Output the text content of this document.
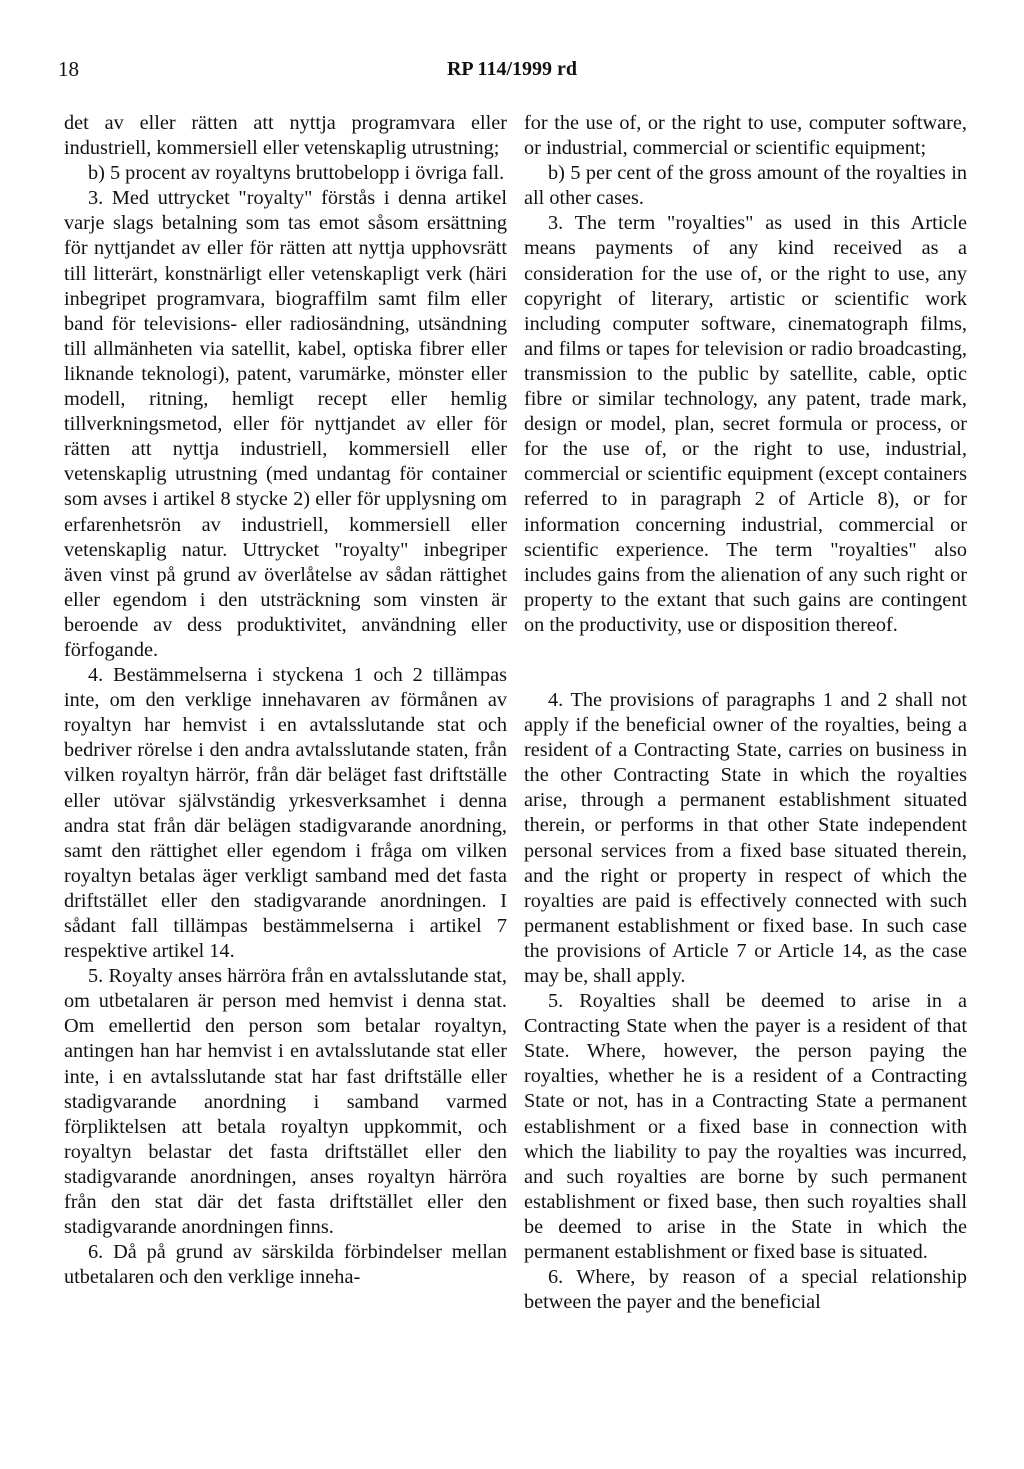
18	RP 114/1999 rd

det av eller rätten att nyttja programvara eller industriell, kommersiell eller vetenskaplig utrustning;

b) 5 procent av royaltyns bruttobelopp i övriga fall.

3. Med uttrycket "royalty" förstås i denna artikel varje slags betalning som tas emot såsom ersättning för nyttjandet av eller för rätten att nyttja upphovsrätt till litterärt, konstnärligt eller vetenskapligt verk (häri inbegripet programvara, biograffilm samt film eller band för televisions- eller radiosändning, utsändning till allmänheten via satellit, kabel, optiska fibrer eller liknande teknologi), patent, varumärke, mönster eller modell, ritning, hemligt recept eller hemlig tillverkningsmetod, eller för nyttjandet av eller för rätten att nyttja industriell, kommersiell eller vetenskaplig utrustning (med undantag för container som avses i artikel 8 stycke 2) eller för upplysning om erfarenhetsrön av industriell, kommersiell eller vetenskaplig natur. Uttrycket "royalty" inbegriper även vinst på grund av överlåtelse av sådan rättighet eller egendom i den utsträckning som vinsten är beroende av dess produktivitet, användning eller förfogande.

4. Bestämmelserna i styckena 1 och 2 tillämpas inte, om den verklige innehavaren av förmånen av royaltyn har hemvist i en avtalsslutande stat och bedriver rörelse i den andra avtalsslutande staten, från vilken royaltyn härrör, från där beläget fast driftställe eller utövar självständig yrkesverksamhet i denna andra stat från där belägen stadigvarande anordning, samt den rättighet eller egendom i fråga om vilken royaltyn betalas äger verkligt samband med det fasta driftstället eller den stadigvarande anordningen. I sådant fall tillämpas bestämmelserna i artikel 7 respektive artikel 14.

5. Royalty anses härröra från en avtalsslutande stat, om utbetalaren är person med hemvist i denna stat. Om emellertid den person som betalar royaltyn, antingen han har hemvist i en avtalsslutande stat eller inte, i en avtalsslutande stat har fast driftställe eller stadigvarande anordning i samband varmed förpliktelsen att betala royaltyn uppkommit, och royaltyn belastar det fasta driftstället eller den stadigvarande anordningen, anses royaltyn härröra från den stat där det fasta driftstället eller den stadigvarande anordningen finns.

6. Då på grund av särskilda förbindelser mellan utbetalaren och den verklige inneha-

for the use of, or the right to use, computer software, or industrial, commercial or scientific equipment;

b) 5 per cent of the gross amount of the royalties in all other cases.

3. The term "royalties" as used in this Article means payments of any kind received as a consideration for the use of, or the right to use, any copyright of literary, artistic or scientific work including computer software, cinematograph films, and films or tapes for television or radio broadcasting, transmission to the public by satellite, cable, optic fibre or similar technology, any patent, trade mark, design or model, plan, secret formula or process, or for the use of, or the right to use, industrial, commercial or scientific equipment (except containers referred to in paragraph 2 of Article 8), or for information concerning industrial, commercial or scientific experience. The term "royalties" also includes gains from the alienation of any such right or property to the extant that such gains are contingent on the productivity, use or disposition thereof.

4. The provisions of paragraphs 1 and 2 shall not apply if the beneficial owner of the royalties, being a resident of a Contracting State, carries on business in the other Contracting State in which the royalties arise, through a permanent establishment situated therein, or performs in that other State independent personal services from a fixed base situated therein, and the right or property in respect of which the royalties are paid is effectively connected with such permanent establishment or fixed base. In such case the provisions of Article 7 or Article 14, as the case may be, shall apply.

5. Royalties shall be deemed to arise in a Contracting State when the payer is a resident of that State. Where, however, the person paying the royalties, whether he is a resident of a Contracting State or not, has in a Contracting State a permanent establishment or a fixed base in connection with which the liability to pay the royalties was incurred, and such royalties are borne by such permanent establishment or fixed base, then such royalties shall be deemed to arise in the State in which the permanent establishment or fixed base is situated.

6. Where, by reason of a special relationship between the payer and the beneficial
